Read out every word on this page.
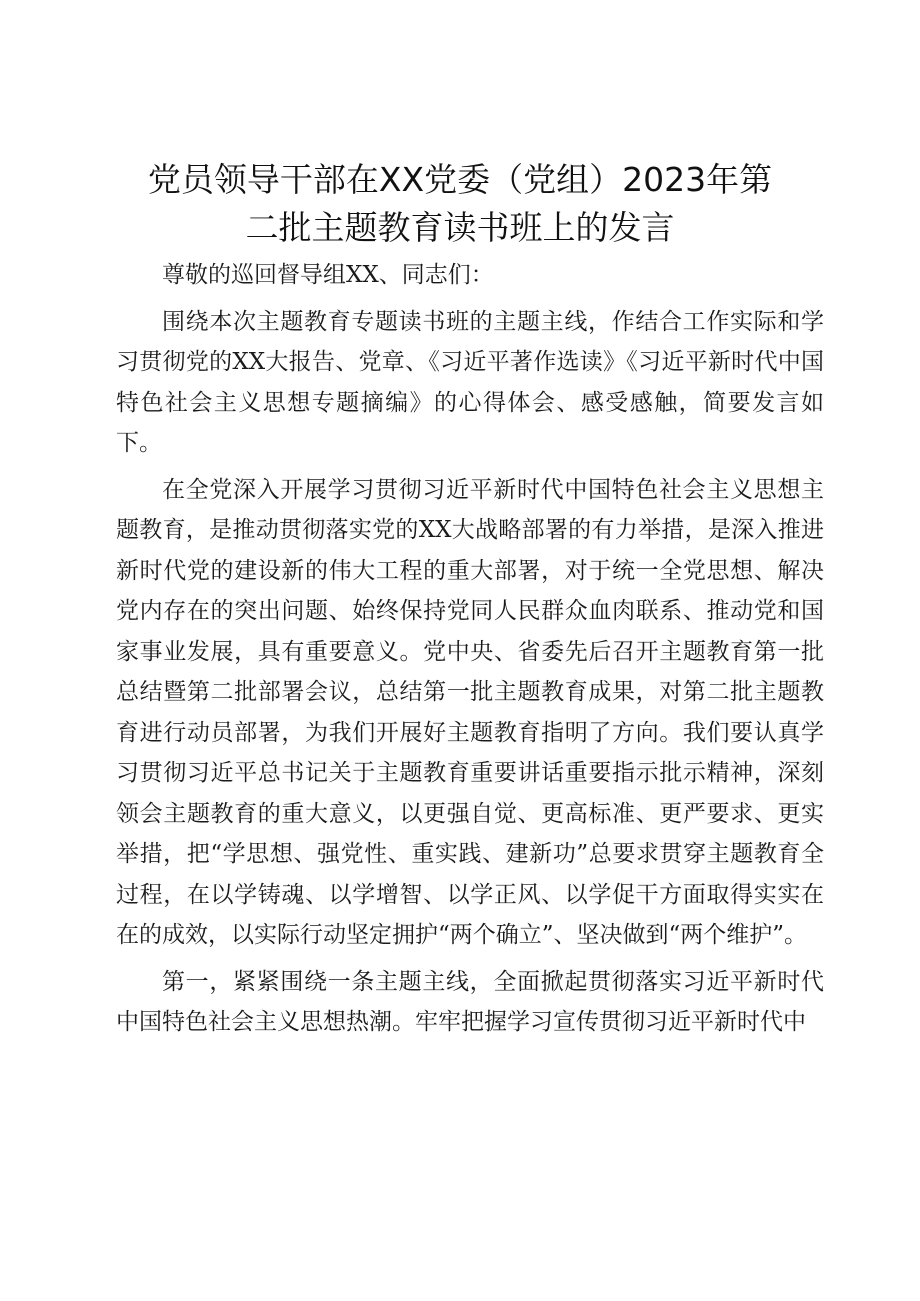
党员领导干部在XX党委（党组）2023年第
二批主题教育读书班上的发言

尊敬的巡回督导组XX、同志们：

围绕本次主题教育专题读书班的主题主线，作结合工作实际和学习贯彻党的XX大报告、党章、《习近平著作选读》《习近平新时代中国特色社会主义思想专题摘编》的心得体会、感受感触，简要发言如下。

在全党深入开展学习贯彻习近平新时代中国特色社会主义思想主题教育，是推动贯彻落实党的XX大战略部署的有力举措，是深入推进新时代党的建设新的伟大工程的重大部署，对于统一全党思想、解决党内存在的突出问题、始终保持党同人民群众血肉联系、推动党和国家事业发展，具有重要意义。党中央、省委先后召开主题教育第一批总结暨第二批部署会议，总结第一批主题教育成果，对第二批主题教育进行动员部署，为我们开展好主题教育指明了方向。我们要认真学习贯彻习近平总书记关于主题教育重要讲话重要指示批示精神，深刻领会主题教育的重大意义，以更强自觉、更高标准、更严要求、更实举措，把“学思想、强党性、重实践、建新功”总要求贯穿主题教育全过程，在以学铸魂、以学增智、以学正风、以学促干方面取得实实在在的成效，以实际行动坚定拥护“两个确立”、坚决做到“两个维护”。

第一，紧紧围绕一条主题主线，全面掀起贯彻落实习近平新时代中国特色社会主义思想热潮。牢牢把握学习宣传贯彻习近平新时代中
